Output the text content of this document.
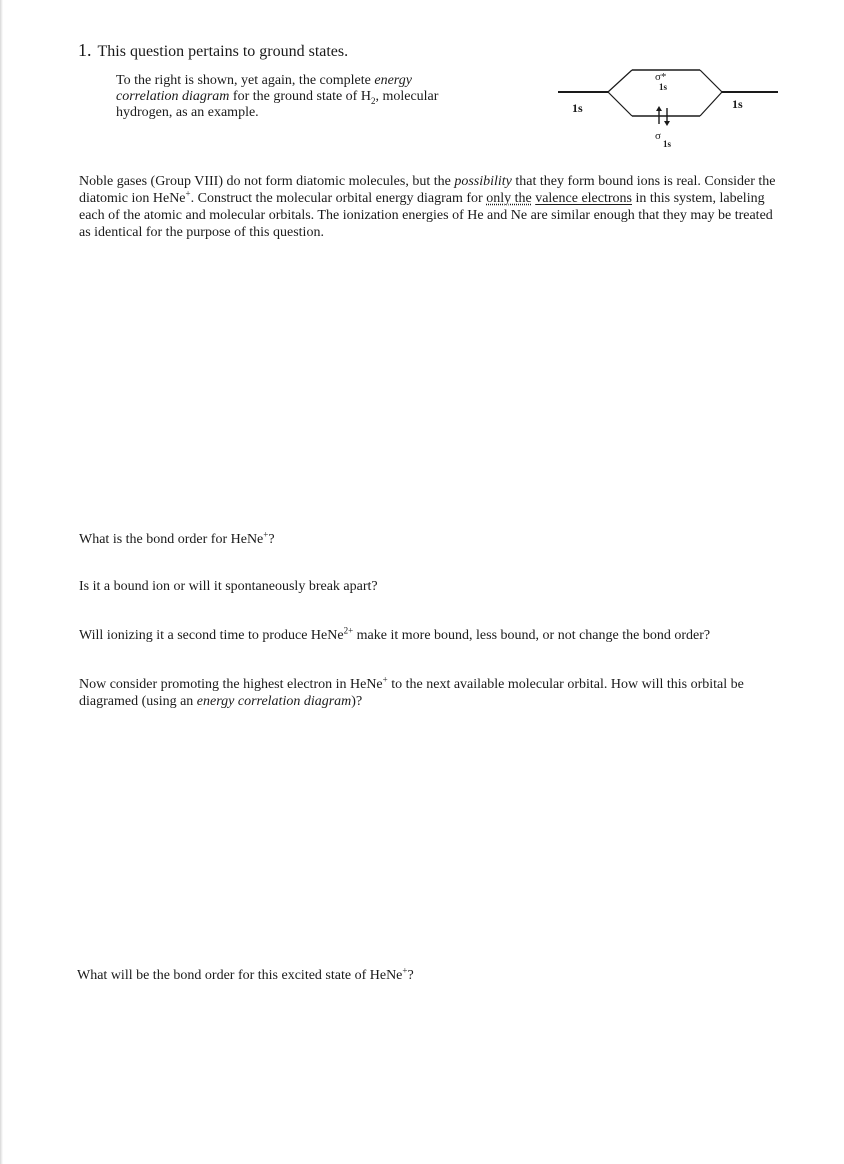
1. This question pertains to ground states.
To the right is shown, yet again, the complete energy correlation diagram for the ground state of $H_2$, molecular hydrogen, as an example.	1s	1s
σ*
1s
σ
1s
Noble gases (Group VIII) do not form diatomic molecules, but the possibility that they form bound ions is real. Consider the diatomic ion HeNe+. Construct the molecular orbital energy diagram for only the valence electrons in this system, labeling each of the atomic and molecular orbitals. The ionization energies of He and Ne are similar enough that they may be treated as identical for the purpose of this question.
What is the bond order for HeNe+?
Is it a bound ion or will it spontaneously break apart?
Will ionizing it a second time to produce HeNe$^{2+}$ make it more bound, less bound, or not change the bond order?
Now consider promoting the highest electron in HeNe+ to the next available molecular orbital. How will this orbital be diagramed (using an energy correlation diagram)?
What will be the bond order for this excited state of HeNe+?
